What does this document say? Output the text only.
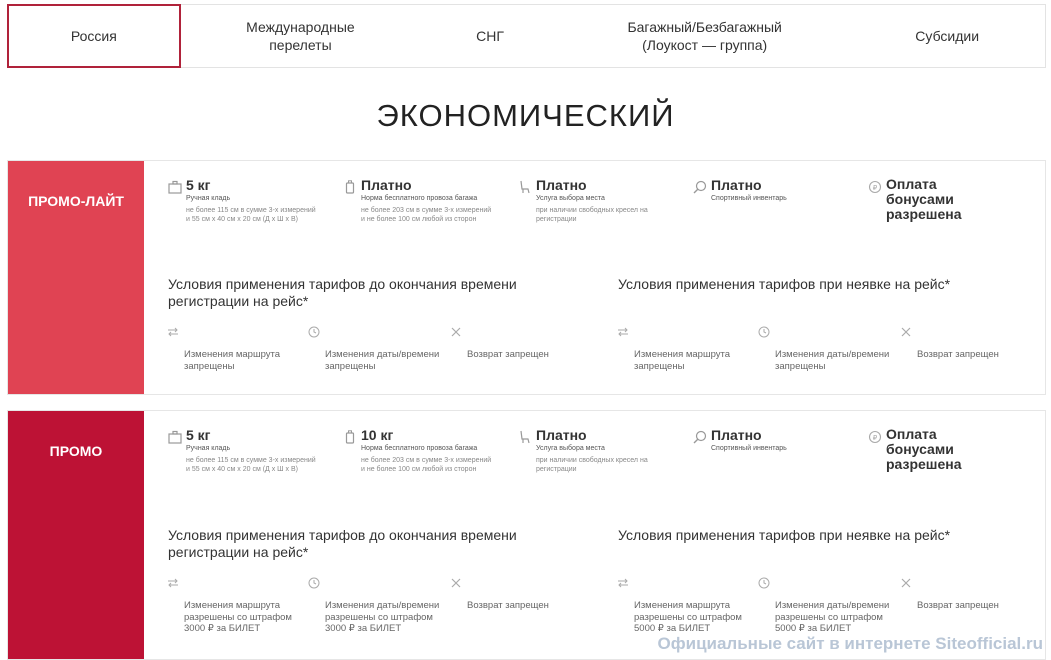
Россия
Международные
перелеты
СНГ
Багажный/Безбагажный
(Лоукост — группа)
Субсидии
ЭКОНОМИЧЕСКИЙ
ПРОМО-ЛАЙТ
5 кг
Ручная кладь
не более 115 см в сумме 3-х измерений
и 55 см х 40 см х 20 см (Д х Ш х В)
Платно
Норма бесплатного провоза багажа
не более 203 см в сумме 3-х измерений
и не более 100 см любой из сторон
Платно
Услуга выбора места
при наличии свободных кресел на
регистрации
Платно
Спортивный инвентарь
₽ Оплата бонусами
разрешена
Условия применения тарифов до окончания времени регистрации на рейс*

Изменения маршрута
запрещены

Изменения даты/времени
запрещены

Возврат запрещен

Условия применения тарифов при неявке на рейс*

Изменения маршрута
запрещены

Изменения даты/времени
запрещены

Возврат запрещен

ПРОМО
5 кг
Ручная кладь
не более 115 см в сумме 3-х измерений
и 55 см х 40 см х 20 см (Д х Ш х В)
10 кг
Норма бесплатного провоза багажа
не более 203 см в сумме 3-х измерений
и не более 100 см любой из сторон
Платно
Услуга выбора места
при наличии свободных кресел на
регистрации
Платно
Спортивный инвентарь
₽ Оплата бонусами
разрешена
Условия применения тарифов до окончания времени регистрации на рейс*

Изменения маршрута
разрешены со штрафом
3000 ₽ за БИЛЕТ

Изменения даты/времени
разрешены со штрафом
3000 ₽ за БИЛЕТ

Возврат запрещен

Условия применения тарифов при неявке на рейс*

Изменения маршрута
разрешены со штрафом
5000 ₽ за БИЛЕТ

Изменения даты/времени
разрешены со штрафом
5000 ₽ за БИЛЕТ

Возврат запрещен

Официальные сайт в интернете Siteofficial.ru
